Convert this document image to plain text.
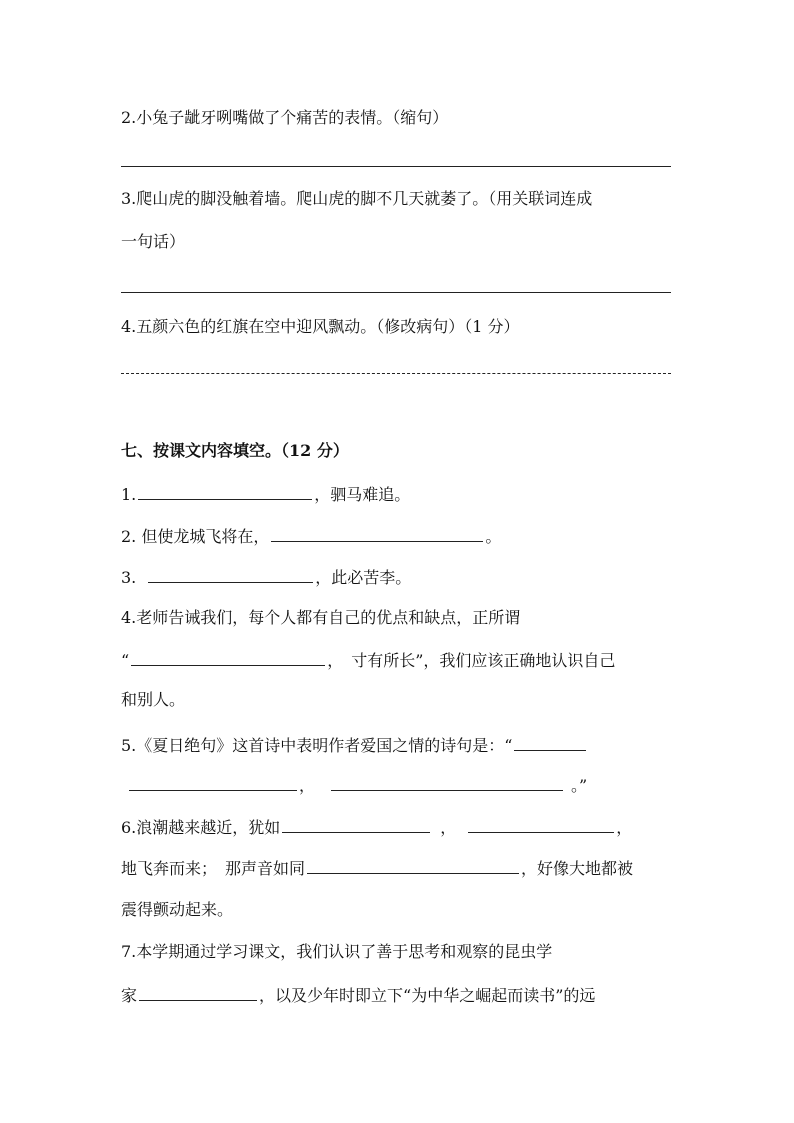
2.小兔子龇牙咧嘴做了个痛苦的表情。（缩句）
3.爬山虎的脚没触着墙。爬山虎的脚不几天就萎了。（用关联词连成
一句话）
4.五颜六色的红旗在空中迎风飘动。（修改病句）（1 分）
七、按课文内容填空。（12 分）
1.	，驷马难追。
2. 但使龙城飞将在，	。
3.	，此必苦李。
4.老师告诫我们，每个人都有自己的优点和缺点，正所谓
“	，　寸有所长”，我们应该正确地认识自己
和别人。
5.《夏日绝句》这首诗中表明作者爱国之情的诗句是：“
，	。”
6.浪潮越来越近，犹如	，	，
地飞奔而来；　那声音如同	，好像大地都被
震得颤动起来。
7.本学期通过学习课文，我们认识了善于思考和观察的昆虫学
家	，以及少年时即立下“为中华之崛起而读书”的远
